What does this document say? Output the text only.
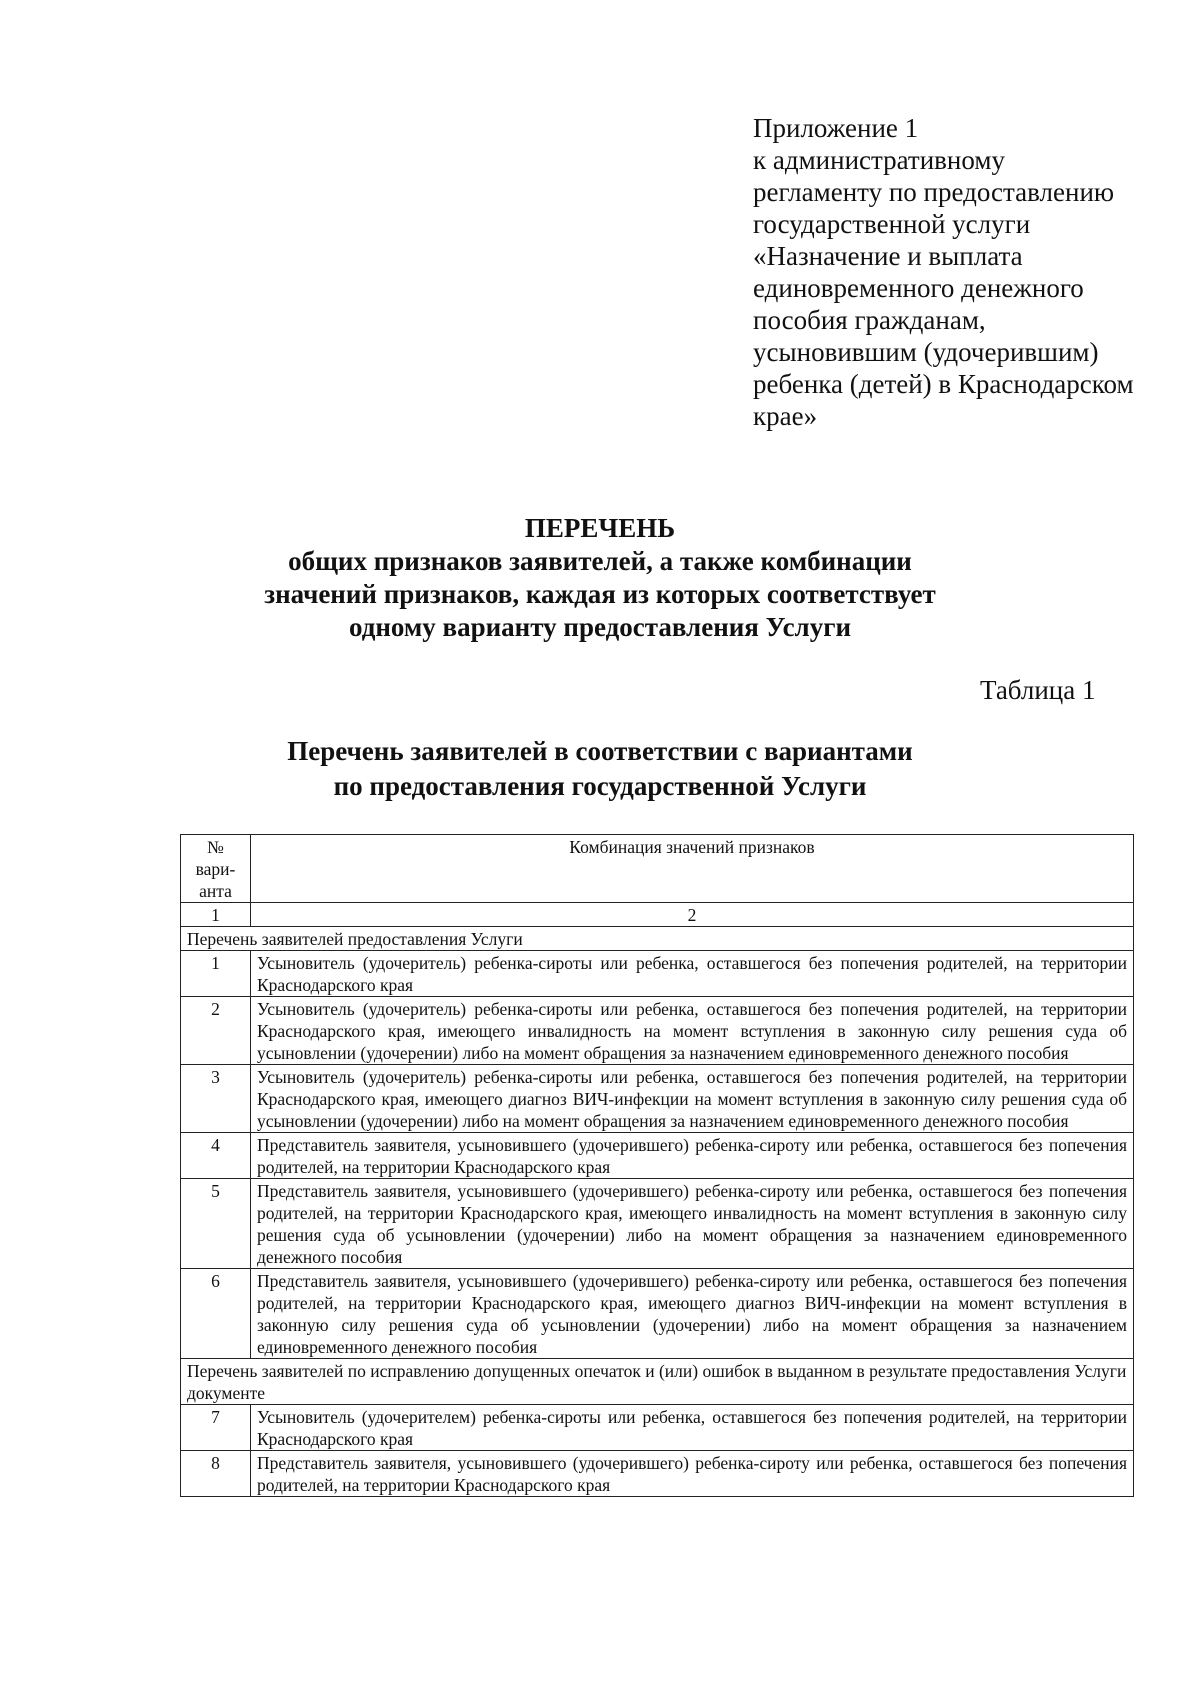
Приложение 1
к административному
регламенту по предоставлению
государственной услуги
«Назначение и выплата
единовременного денежного
пособия гражданам,
усыновившим (удочерившим)
ребенка (детей) в Краснодарском
крае»
ПЕРЕЧЕНЬ
общих признаков заявителей, а также комбинации
значений признаков, каждая из которых соответствует
одному варианту предоставления Услуги
Таблица 1
Перечень заявителей в соответствии с вариантами
по предоставления государственной Услуги
№
вари-
анта	Комбинация значений признаков
1	2
Перечень заявителей предоставления Услуги	
1	Усыновитель (удочеритель) ребенка-сироты или ребенка, оставшегося без попечения родителей, на территории Краснодарского края
2	Усыновитель (удочеритель) ребенка-сироты или ребенка, оставшегося без попечения родителей, на территории Краснодарского края, имеющего инвалидность на момент вступления в законную силу решения суда об усыновлении (удочерении) либо на момент обращения за назначением единовременного денежного пособия
3	Усыновитель (удочеритель) ребенка-сироты или ребенка, оставшегося без попечения родителей, на территории Краснодарского края, имеющего диагноз ВИЧ-инфекции на момент вступления в законную силу решения суда об усыновлении (удочерении) либо на момент обращения за назначением единовременного денежного пособия
4	Представитель заявителя, усыновившего (удочерившего) ребенка-сироту или ребенка, оставшегося без попечения родителей, на территории Краснодарского края
5	Представитель заявителя, усыновившего (удочерившего) ребенка-сироту или ребенка, оставшегося без попечения родителей, на территории Краснодарского края, имеющего инвалидность на момент вступления в законную силу решения суда об усыновлении (удочерении) либо на момент обращения за назначением единовременного денежного пособия
6	Представитель заявителя, усыновившего (удочерившего) ребенка-сироту или ребенка, оставшегося без попечения родителей, на территории Краснодарского края, имеющего диагноз ВИЧ-инфекции на момент вступления в законную силу решения суда об усыновлении (удочерении) либо на момент обращения за назначением единовременного денежного пособия
Перечень заявителей по исправлению допущенных опечаток и (или) ошибок в выданном в результате предоставления Услуги документе	
7	Усыновитель (удочерителем) ребенка-сироты или ребенка, оставшегося без попечения родителей, на территории Краснодарского края
8	Представитель заявителя, усыновившего (удочерившего) ребенка-сироту или ребенка, оставшегося без попечения родителей, на территории Краснодарского края
